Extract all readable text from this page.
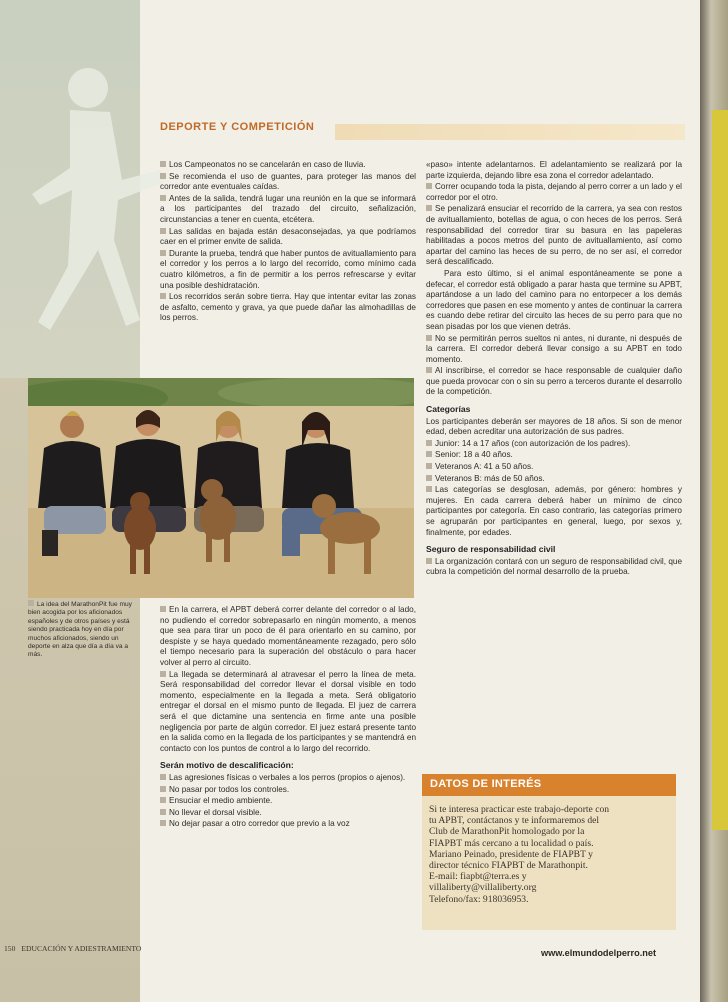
DEPORTE Y COMPETICIÓN

Los Campeonatos no se cancelarán en caso de lluvia.

Se recomienda el uso de guantes, para proteger las manos del corredor ante eventuales caídas.

Antes de la salida, tendrá lugar una reunión en la que se informará a los participantes del trazado del circuito, señalización, circunstancias a tener en cuenta, etcétera.

Las salidas en bajada están desaconsejadas, ya que podríamos caer en el primer envite de salida.

Durante la prueba, tendrá que haber puntos de avituallamiento para el corredor y los perros a lo largo del recorrido, como mínimo cada cuatro kilómetros, a fin de permitir a los perros refrescarse y evitar una posible deshidratación.

Los recorridos serán sobre tierra. Hay que intentar evitar las zonas de asfalto, cemento y grava, ya que puede dañar las almohadillas de los perros.

La idea del MarathonPit fue muy bien acogida por los aficionados españoles y de otros países y está siendo practicada hoy en día por muchos aficionados, siendo un deporte en alza que día a día va a más.

«paso» intente adelantarnos. El adelantamiento se realizará por la parte izquierda, dejando libre esa zona el corredor adelantado.

Correr ocupando toda la pista, dejando al perro correr a un lado y el corredor por el otro.

Se penalizará ensuciar el recorrido de la carrera, ya sea con restos de avituallamiento, botellas de agua, o con heces de los perros. Será responsabilidad del corredor tirar su basura en las papeleras habilitadas a pocos metros del punto de avituallamiento, así como apartar del camino las heces de su perro, de no ser así, el corredor será descalificado.

Para esto último, si el animal espontáneamente se pone a defecar, el corredor está obligado a parar hasta que termine su APBT, apartándose a un lado del camino para no entorpecer a los demás corredores que pasen en ese momento y antes de continuar la carrera es cuando debe retirar del circuito las heces de su perro para que no sean pisadas por los que vienen detrás.

No se permitirán perros sueltos ni antes, ni durante, ni después de la carrera. El corredor deberá llevar consigo a su APBT en todo momento.

Al inscribirse, el corredor se hace responsable de cualquier daño que pueda provocar con o sin su perro a terceros durante el desarrollo de la competición.

Categorías

Los participantes deberán ser mayores de 18 años. Si son de menor edad, deben acreditar una autorización de sus padres.

Junior: 14 a 17 años (con autorización de los padres).

Senior: 18 a 40 años.

Veteranos A: 41 a 50 años.

Veteranos B: más de 50 años.

Las categorías se desglosan, además, por género: hombres y mujeres. En cada carrera deberá haber un mínimo de cinco participantes por categoría. En caso contrario, las categorías primero se agruparán por participantes en general, luego, por sexos y, finalmente, por edades.

Seguro de responsabilidad civil

La organización contará con un seguro de responsabilidad civil, que cubra la competición del normal desarrollo de la prueba.

En la carrera, el APBT deberá correr delante del corredor o al lado, no pudiendo el corredor sobrepasarlo en ningún momento, a menos que sea para tirar un poco de él para orientarlo en su camino, por despiste y se haya quedado momentáneamente rezagado, pero sólo el tiempo necesario para la superación del obstáculo o para hacer volver al perro al circuito.

La llegada se determinará al atravesar el perro la línea de meta. Será responsabilidad del corredor llevar el dorsal visible en todo momento, especialmente en la llegada a meta. Será obligatorio entregar el dorsal en el mismo punto de llegada. El juez de carrera será el que dictamine una sentencia en firme ante una posible negligencia por parte de algún corredor. El juez estará presente tanto en la salida como en la llegada de los participantes y se mantendrá en contacto con los puntos de control a lo largo del recorrido.

Serán motivo de descalificación:

Las agresiones físicas o verbales a los perros (propios o ajenos).

No pasar por todos los controles.

Ensuciar el medio ambiente.

No llevar el dorsal visible.

No dejar pasar a otro corredor que previo a la voz

DATOS DE INTERÉS
Si te interesa practicar este trabajo-deporte con
tu APBT, contáctanos y te informaremos del
Club de MarathonPit homologado por la
FIAPBT más cercano a tu localidad o país.
Mariano Peinado, presidente de FIAPBT y
director técnico FIAPBT de Marathonpit.
E-mail: fiapbt@terra.es y
villaliberty@villaliberty.org
Telefono/fax: 918036953.
150 EDUCACIÓN Y ADIESTRAMIENTO	www.elmundodelperro.net
